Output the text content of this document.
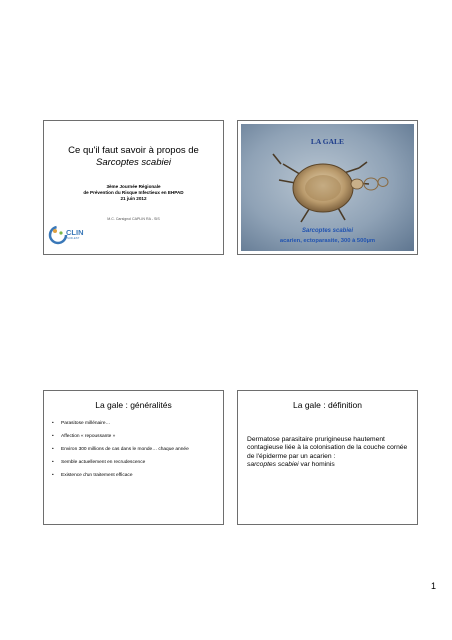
Ce qu'il faut savoir à propos de
Sarcoptes scabiei
3ème Journée Régionale
de Prévention du Risque Infectieux en EHPAD
21 juin 2012
M.C. Carsignol CAPLIN RA - SIS
CLIN
SUD-EST
LA GALE
Sarcoptes scabiei
acarien, ectoparasite, 300 à 500µm
La gale : généralités
• Parasitose millénaire…
• Affection « repoussante »
• Environ 300 millions de cas dans le monde… chaque année
• Semble actuellement en recrudescence
• Existence d'un traitement efficace
La gale : définition
Dermatose parasitaire prurigineuse hautement contagieuse liée à la colonisation de la couche cornée de l'épiderme par un acarien :
sarcoptes scabiei var hominis
1
